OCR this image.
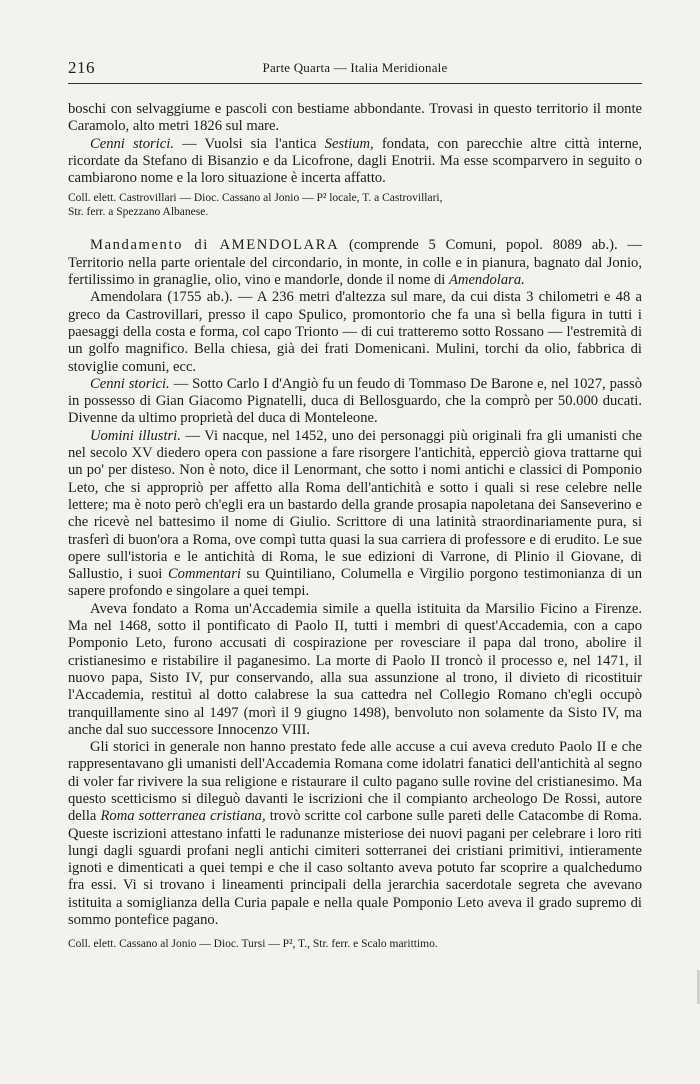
216	Parte Quarta — Italia Meridionale

boschi con selvaggiume e pascoli con bestiame abbondante. Trovasi in questo territorio il monte Caramolo, alto metri 1826 sul mare.

Cenni storici. — Vuolsi sia l'antica Sestium, fondata, con parecchie altre città interne, ricordate da Stefano di Bisanzio e da Licofrone, dagli Enotrii. Ma esse scomparvero in seguito o cambiarono nome e la loro situazione è incerta affatto.

Coll. elett. Castrovillari — Dioc. Cassano al Jonio — P² locale, T. a Castrovillari,
Str. ferr. a Spezzano Albanese.

Mandamento di AMENDOLARA (comprende 5 Comuni, popol. 8089 ab.). — Territorio nella parte orientale del circondario, in monte, in colle e in pianura, bagnato dal Jonio, fertilissimo in granaglie, olio, vino e mandorle, donde il nome di Amendolara.

Amendolara (1755 ab.). — A 236 metri d'altezza sul mare, da cui dista 3 chilometri e 48 a greco da Castrovillari, presso il capo Spulico, promontorio che fa una sì bella figura in tutti i paesaggi della costa e forma, col capo Trionto — di cui tratteremo sotto Rossano — l'estremità di un golfo magnifico. Bella chiesa, già dei frati Domenicani. Mulini, torchi da olio, fabbrica di stoviglie comuni, ecc.

Cenni storici. — Sotto Carlo I d'Angiò fu un feudo di Tommaso De Barone e, nel 1027, passò in possesso di Gian Giacomo Pignatelli, duca di Bellosguardo, che la comprò per 50.000 ducati. Divenne da ultimo proprietà del duca di Monteleone.

Uomini illustri. — Vi nacque, nel 1452, uno dei personaggi più originali fra gli umanisti che nel secolo XV diedero opera con passione a fare risorgere l'antichità, epperciò giova trattarne qui un po' per disteso. Non è noto, dice il Lenormant, che sotto i nomi antichi e classici di Pomponio Leto, che si appropriò per affetto alla Roma dell'antichità e sotto i quali si rese celebre nelle lettere; ma è noto però ch'egli era un bastardo della grande prosapia napoletana dei Sanseverino e che ricevè nel battesimo il nome di Giulio. Scrittore di una latinità straordinariamente pura, si trasferì di buon'ora a Roma, ove compì tutta quasi la sua carriera di professore e di erudito. Le sue opere sull'istoria e le antichità di Roma, le sue edizioni di Varrone, di Plinio il Giovane, di Sallustio, i suoi Commentari su Quintiliano, Columella e Virgilio porgono testimonianza di un sapere profondo e singolare a quei tempi.

Aveva fondato a Roma un'Accademia simile a quella istituita da Marsilio Ficino a Firenze. Ma nel 1468, sotto il pontificato di Paolo II, tutti i membri di quest'Accademia, con a capo Pomponio Leto, furono accusati di cospirazione per rovesciare il papa dal trono, abolire il cristianesimo e ristabilire il paganesimo. La morte di Paolo II troncò il processo e, nel 1471, il nuovo papa, Sisto IV, pur conservando, alla sua assunzione al trono, il divieto di ricostituir l'Accademia, restituì al dotto calabrese la sua cattedra nel Collegio Romano ch'egli occupò tranquillamente sino al 1497 (morì il 9 giugno 1498), benvoluto non solamente da Sisto IV, ma anche dal suo successore Innocenzo VIII.

Gli storici in generale non hanno prestato fede alle accuse a cui aveva creduto Paolo II e che rappresentavano gli umanisti dell'Accademia Romana come idolatri fanatici dell'antichità al segno di voler far rivivere la sua religione e ristaurare il culto pagano sulle rovine del cristianesimo. Ma questo scetticismo si dileguò davanti le iscrizioni che il compianto archeologo De Rossi, autore della Roma sotterranea cristiana, trovò scritte col carbone sulle pareti delle Catacombe di Roma. Queste iscrizioni attestano infatti le radunanze misteriose dei nuovi pagani per celebrare i loro riti lungi dagli sguardi profani negli antichi cimiteri sotterranei dei cristiani primitivi, intieramente ignoti e dimenticati a quei tempi e che il caso soltanto aveva potuto far scoprire a qualchedumo fra essi. Vi si trovano i lineamenti principali della jerarchia sacerdotale segreta che avevano istituita a somiglianza della Curia papale e nella quale Pomponio Leto aveva il grado supremo di sommo pontefice pagano.

Coll. elett. Cassano al Jonio — Dioc. Tursi — P², T., Str. ferr. e Scalo marittimo.
